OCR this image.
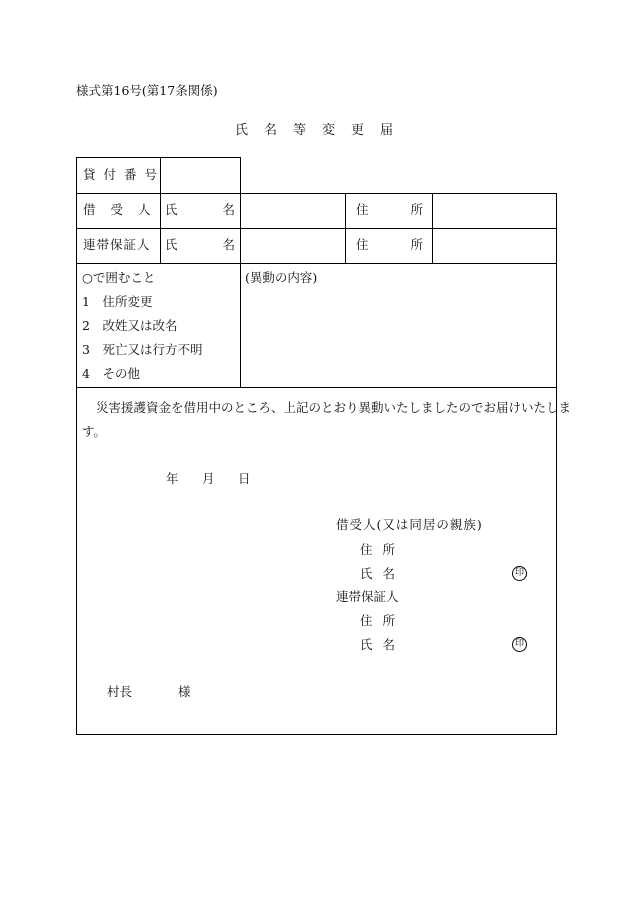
様式第16号(第17条関係)
氏名等変更届
貸付番号
借受人 氏名	住所
連帯保証人 氏名	住所
○で囲むこと
1　住所変更
2　改姓又は改名
3　死亡又は行方不明
4　その他
(異動の内容)
災害援護資金を借用中のところ、上記のとおり異動いたしましたのでお届けいたしま
す。
年 月 日
借受人(又は同居の親族)
住所
氏名	印
連帯保証人
住所
氏名	印
村長	様
